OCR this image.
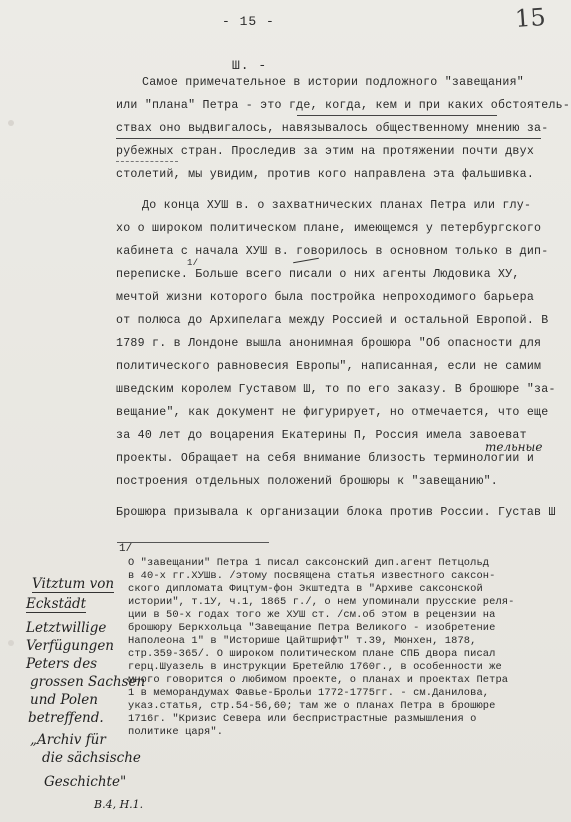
- 15 -	15
Ш. -
Самое примечательное в истории подложного "завещания"
или "плана" Петра - это где, когда, кем и при каких обстоятель-
ствах оно выдвигалось, навязывалось общественному мнению за-
рубежных стран. Проследив за этим на протяжении почти двух
столетий, мы увидим, против кого направлена эта фальшивка.
До конца ХУШ в. о захватнических планах Петра или глу-
хо о широком политическом плане, имеющемся у петербургского
кабинета с начала ХУШ в. говорилось в основном только в дип-
переписке. Больше всего писали о них агенты Людовика ХУ,
мечтой жизни которого была постройка непроходимого барьера
от полюса до Архипелага между Россией и остальной Европой. В
1789 г. в Лондоне вышла анонимная брошюра "Об опасности для
политического равновесия Европы", написанная, если не самим
шведским королем Густавом Ш, то по его заказу. В брошюре "за-
вещание", как документ не фигурирует, но отмечается, что еще
за 40 лет до воцарения Екатерины П, Россия имела завоеват
проекты. Обращает на себя внимание близость терминологии и
построения отдельных положений брошюры к "завещанию".
Брошюра призывала к организации блока против России. Густав Ш
1/
тельные
1/
О "завещании" Петра 1 писал саксонский дип.агент Петцольд
в 40-х гг.ХУШв. /этому посвящена статья известного саксон-
ского дипломата Фицтум-фон Экштедта в "Архиве саксонской
истории", т.1У, ч.1, 1865 г./, о нем упоминали прусские реля-
ции в 50-х годах того же ХУШ ст. /см.об этом в рецензии на
брошюру Беркхольца "Завещание Петра Великого - изобретение
Наполеона 1" в "Историше Цайтшрифт" т.39, Мюнхен, 1878,
стр.359-365/. О широком политическом плане СПБ двора писал
герц.Шуазель в инструкции Бретейлю 1760г., в особенности же
много говорится о любимом проекте, о планах и проектах Петра
1 в меморандумах Фавье-Брольи 1772-1775гг. - см.Данилова,
указ.статья, стр.54-56,60; там же о планах Петра в брошюре
1716г. "Кризис Севера или беспристрастные размышления о
политике царя".
Vitztum von
Eckstädt
Letztwillige
Verfügungen
Peters des
grossen Sachsen
und Polen
betreffend.
„Archiv für
die sächsische
Geschichte"
B.4, H.1.
